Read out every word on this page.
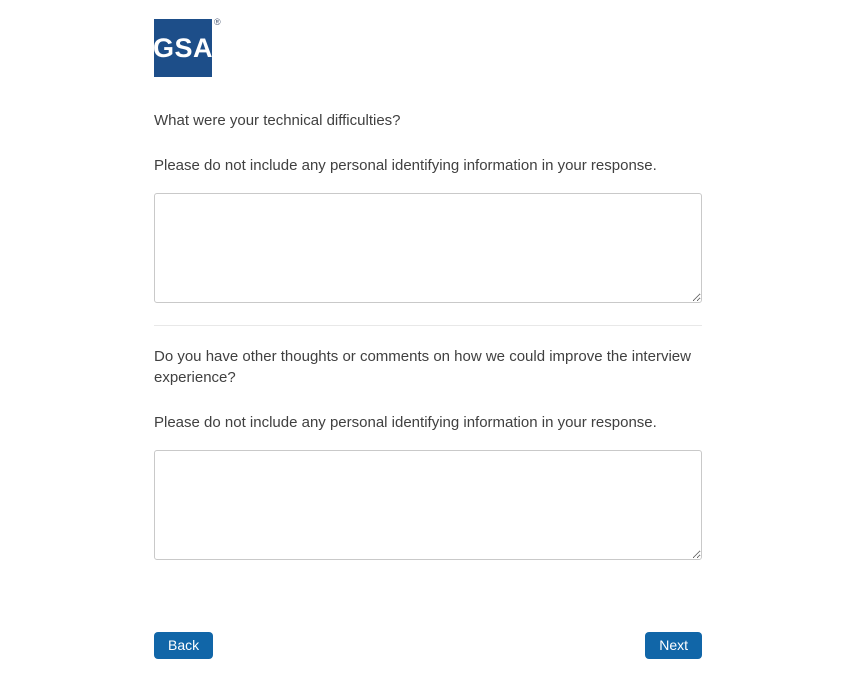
GSA
®

What were your technical difficulties?

Please do not include any personal identifying information in your response.

Do you have other thoughts or comments on how we could improve the interview experience?

Please do not include any personal identifying information in your response.

Back	Next
